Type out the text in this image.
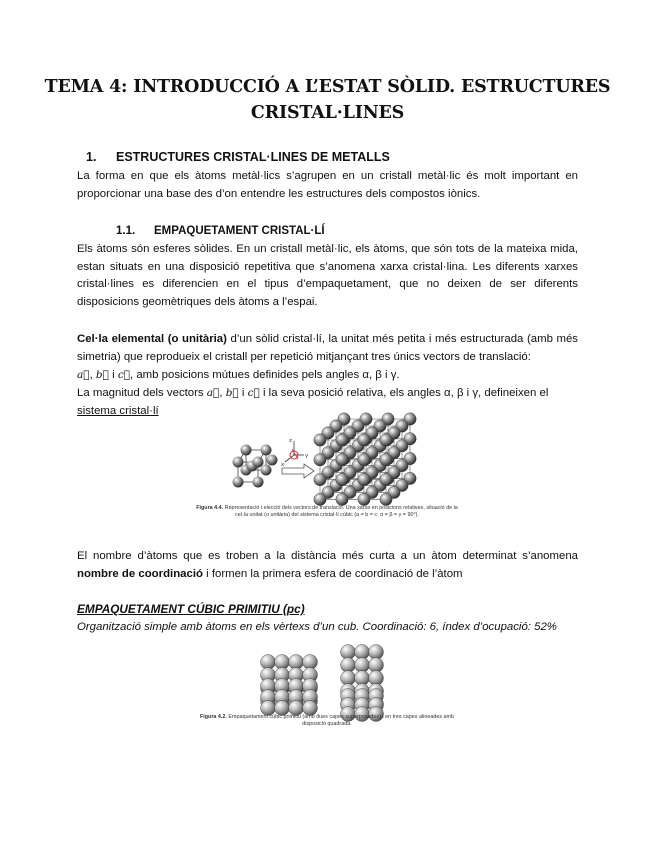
TEMA 4: INTRODUCCIÓ A L’ESTAT SÒLID. ESTRUCTURES
CRISTAL·LINES
1. ESTRUCTURES CRISTAL·LINES DE METALLS

La forma en que els àtoms metàl·lics s’agrupen en un cristall metàl·lic és molt important en proporcionar una base des d’on entendre les estructures dels compostos iònics.

1.1. EMPAQUETAMENT CRISTAL·LÍ

Els àtoms són esferes sòlides. En un cristall metàl·lic, els àtoms, que són tots de la mateixa mida, estan situats en una disposició repetitiva que s’anomena xarxa cristal·lina. Les diferents xarxes cristal·lines es diferencien en el tipus d’empaquetament, que no deixen de ser diferents disposicions geomètriques dels àtoms a l’espai.

Cel·la elemental (o unitària) d’un sòlid cristal·lí, la unitat més petita i més estructurada (amb més simetria) que reprodueix el cristall per repetició mitjançant tres únics vectors de translació:

a⃗, b⃗ i c⃗, amb posicions mútues definides pels angles α, β i γ.

La magnitud dels vectors a⃗, b⃗ i c⃗ i la seva posició relativa, els angles α, β i γ, defineixen el

sistema cristal·lí
z
x
y
Figura 4.4. Representació i elecció dels vectors de translació. Una xarxa en posicions relatives, situació de la
cel·la unitat (o unitària) del sistema cristal·lí cúbic (a = b = c; α = β = γ = 90°).

El nombre d’àtoms que es troben a la distància més curta a un àtom determinat s’anomena nombre de coordinació i formen la primera esfera de coordinació de l’àtom

EMPAQUETAMENT CÚBIC PRIMITIU (pc)
Organització simple amb àtoms en els vèrtexs d’un cub. Coordinació: 6, índex d’ocupació: 52%
Figura 4.2. Empaquetament cúbic primitiu (amb dues capes superposades) i en tres capes alineades amb
disposició quadrada.
